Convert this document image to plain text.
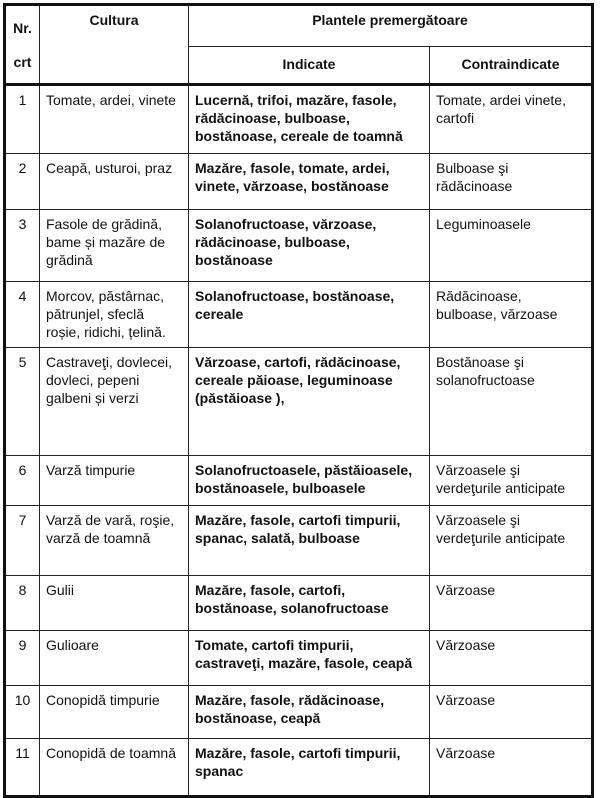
Nr.
crt	Cultura	Plantele premergătoare	
		Indicate	Contraindicate
1	Tomate, ardei, vinete	Lucernă, trifoi, mazăre, fasole, rădăcinoase, bulboase, bostănoase, cereale de toamnă	Tomate, ardei vinete, cartofi
2	Ceapă, usturoi, praz	Mazăre, fasole, tomate, ardei, vinete, vărzoase, bostănoase	Bulboase şi rădăcinoase
3	Fasole de grădină, bame și mazăre de grădină	Solanofructoase, vărzoase, rădăcinoase, bulboase, bostănoase	Leguminoasele
4	Morcov, păstârnac, pătrunjel, sfeclă roșie, ridichi, țelină.	Solanofructoase, bostănoase, cereale	Rădăcinoase, bulboase, vărzoase
5	Castraveţi, dovlecei, dovleci, pepeni galbeni și verzi	Vărzoase, cartofi, rădăcinoase, cereale păioase, leguminoase (păstăioase ),	Bostănoase şi solanofructoase
6	Varză timpurie	Solanofructoasele, păstăioasele, bostănoasele, bulboasele	Vărzoasele şi verdeţurile anticipate
7	Varză de vară, roşie, varză de toamnă	Mazăre, fasole, cartofi timpurii, spanac, salată, bulboase	Vărzoasele şi verdeţurile anticipate
8	Gulii	Mazăre, fasole, cartofi, bostănoase, solanofructoase	Vărzoase
9	Gulioare	Tomate, cartofi timpurii, castraveţi, mazăre, fasole, ceapă	Vărzoase
10	Conopidă timpurie	Mazăre, fasole, rădăcinoase, bostănoase, ceapă	Vărzoase
11	Conopidă de toamnă	Mazăre, fasole, cartofi timpurii, spanac	Vărzoase
